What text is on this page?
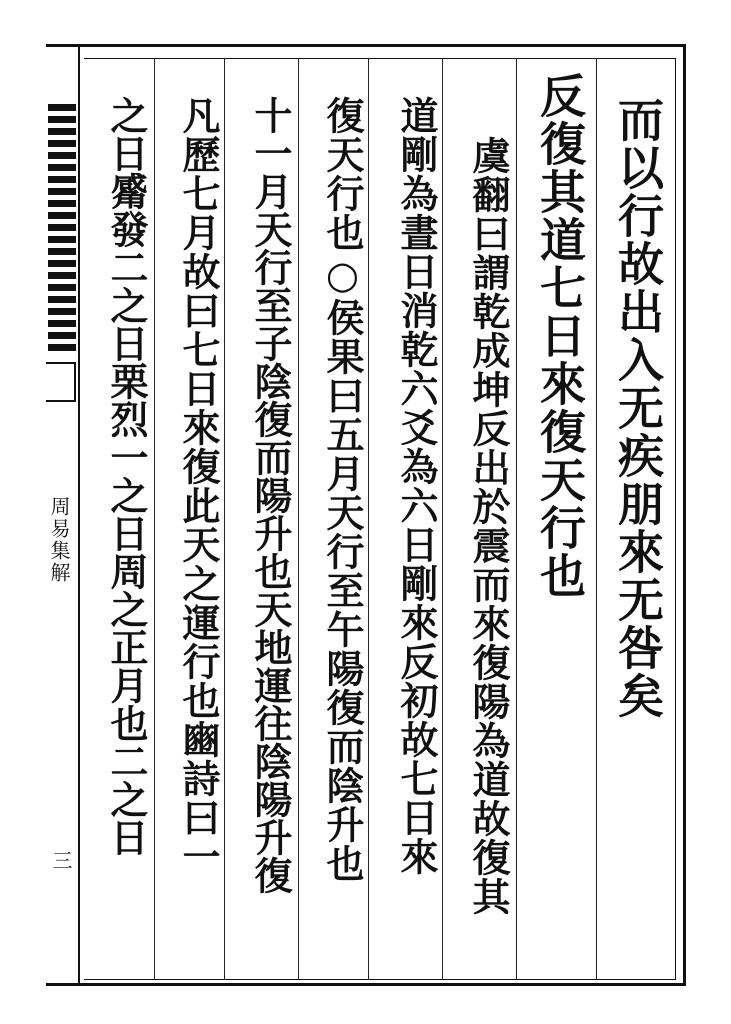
周易集解
三
而以行故出入无疾朋來无咎矣
反復其道七日來復天行也
虞翻曰謂乾成坤反出於震而來復陽為道故復其
道剛為晝日消乾六爻為六日剛來反初故七日來
復天行也○侯果曰五月天行至午陽復而陰升也
十一月天行至子陰復而陽升也天地運往陰陽升復
凡歷七月故曰七日來復此天之運行也豳詩曰一
之日觱發二之日栗烈一之日周之正月也二之日
